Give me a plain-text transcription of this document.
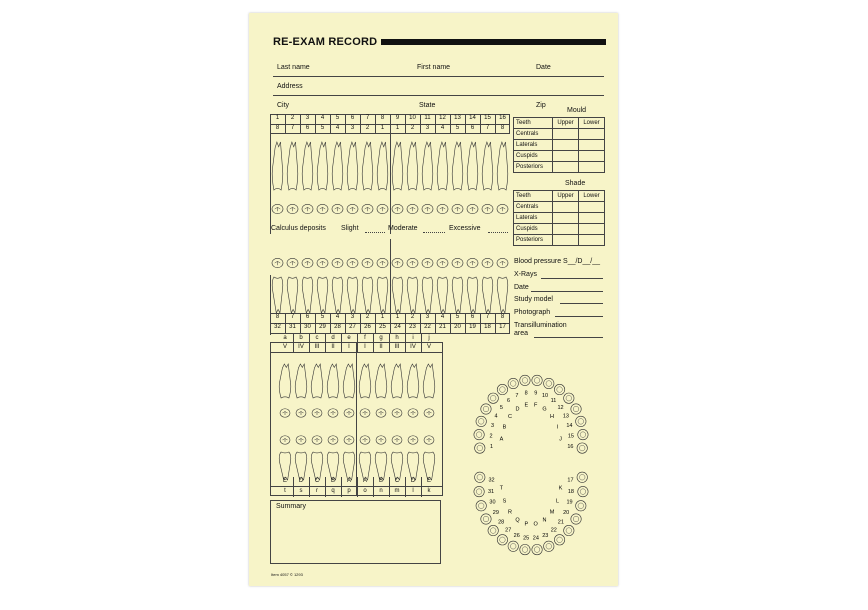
RE-EXAM RECORD
Last name	First name	Date
Address
City	State	Zip
1	2	3	4	5	6	7	8	9	10	11	12	13	14	15	16
8	7	6	5	4	3	2	1	1	2	3	4	5	6	7	8
Calculus deposits Slight	Moderate	Excessive
8	7	6	5	4	3	2	1	1	2	3	4	5	6	7	8
32	31	30	29	28	27	26	25	24	23	22	21	20	19	18	17
Mould
Teeth	Upper	Lower
Centrals		
Laterals		
Cuspids		
Posteriors		
Shade
Teeth	Upper	Lower
Centrals		
Laterals		
Cuspids		
Posteriors		
Blood pressure S__/D__/__
X-Rays
Date
Study model
Photograph
Transillumination
area
a	b	c	d	e	f	g	h	i	j
V	IV	III	II	I	I	II	III	IV	V
E	D	C	B	A	A	B	C	D	E
t	s	r	q	p	o	n	m	l	k
Summary
1
2
3
4
5
6
7 8 9 10
11
12
13
14
15
16
32
31
30
29
28
27
26 25 24 23
22
21
20
19
18
17
A
B
C
D
E F
G
H
I
J
T
S
R
Q
P O
N
M
L
K
Item 4057 © 1293
